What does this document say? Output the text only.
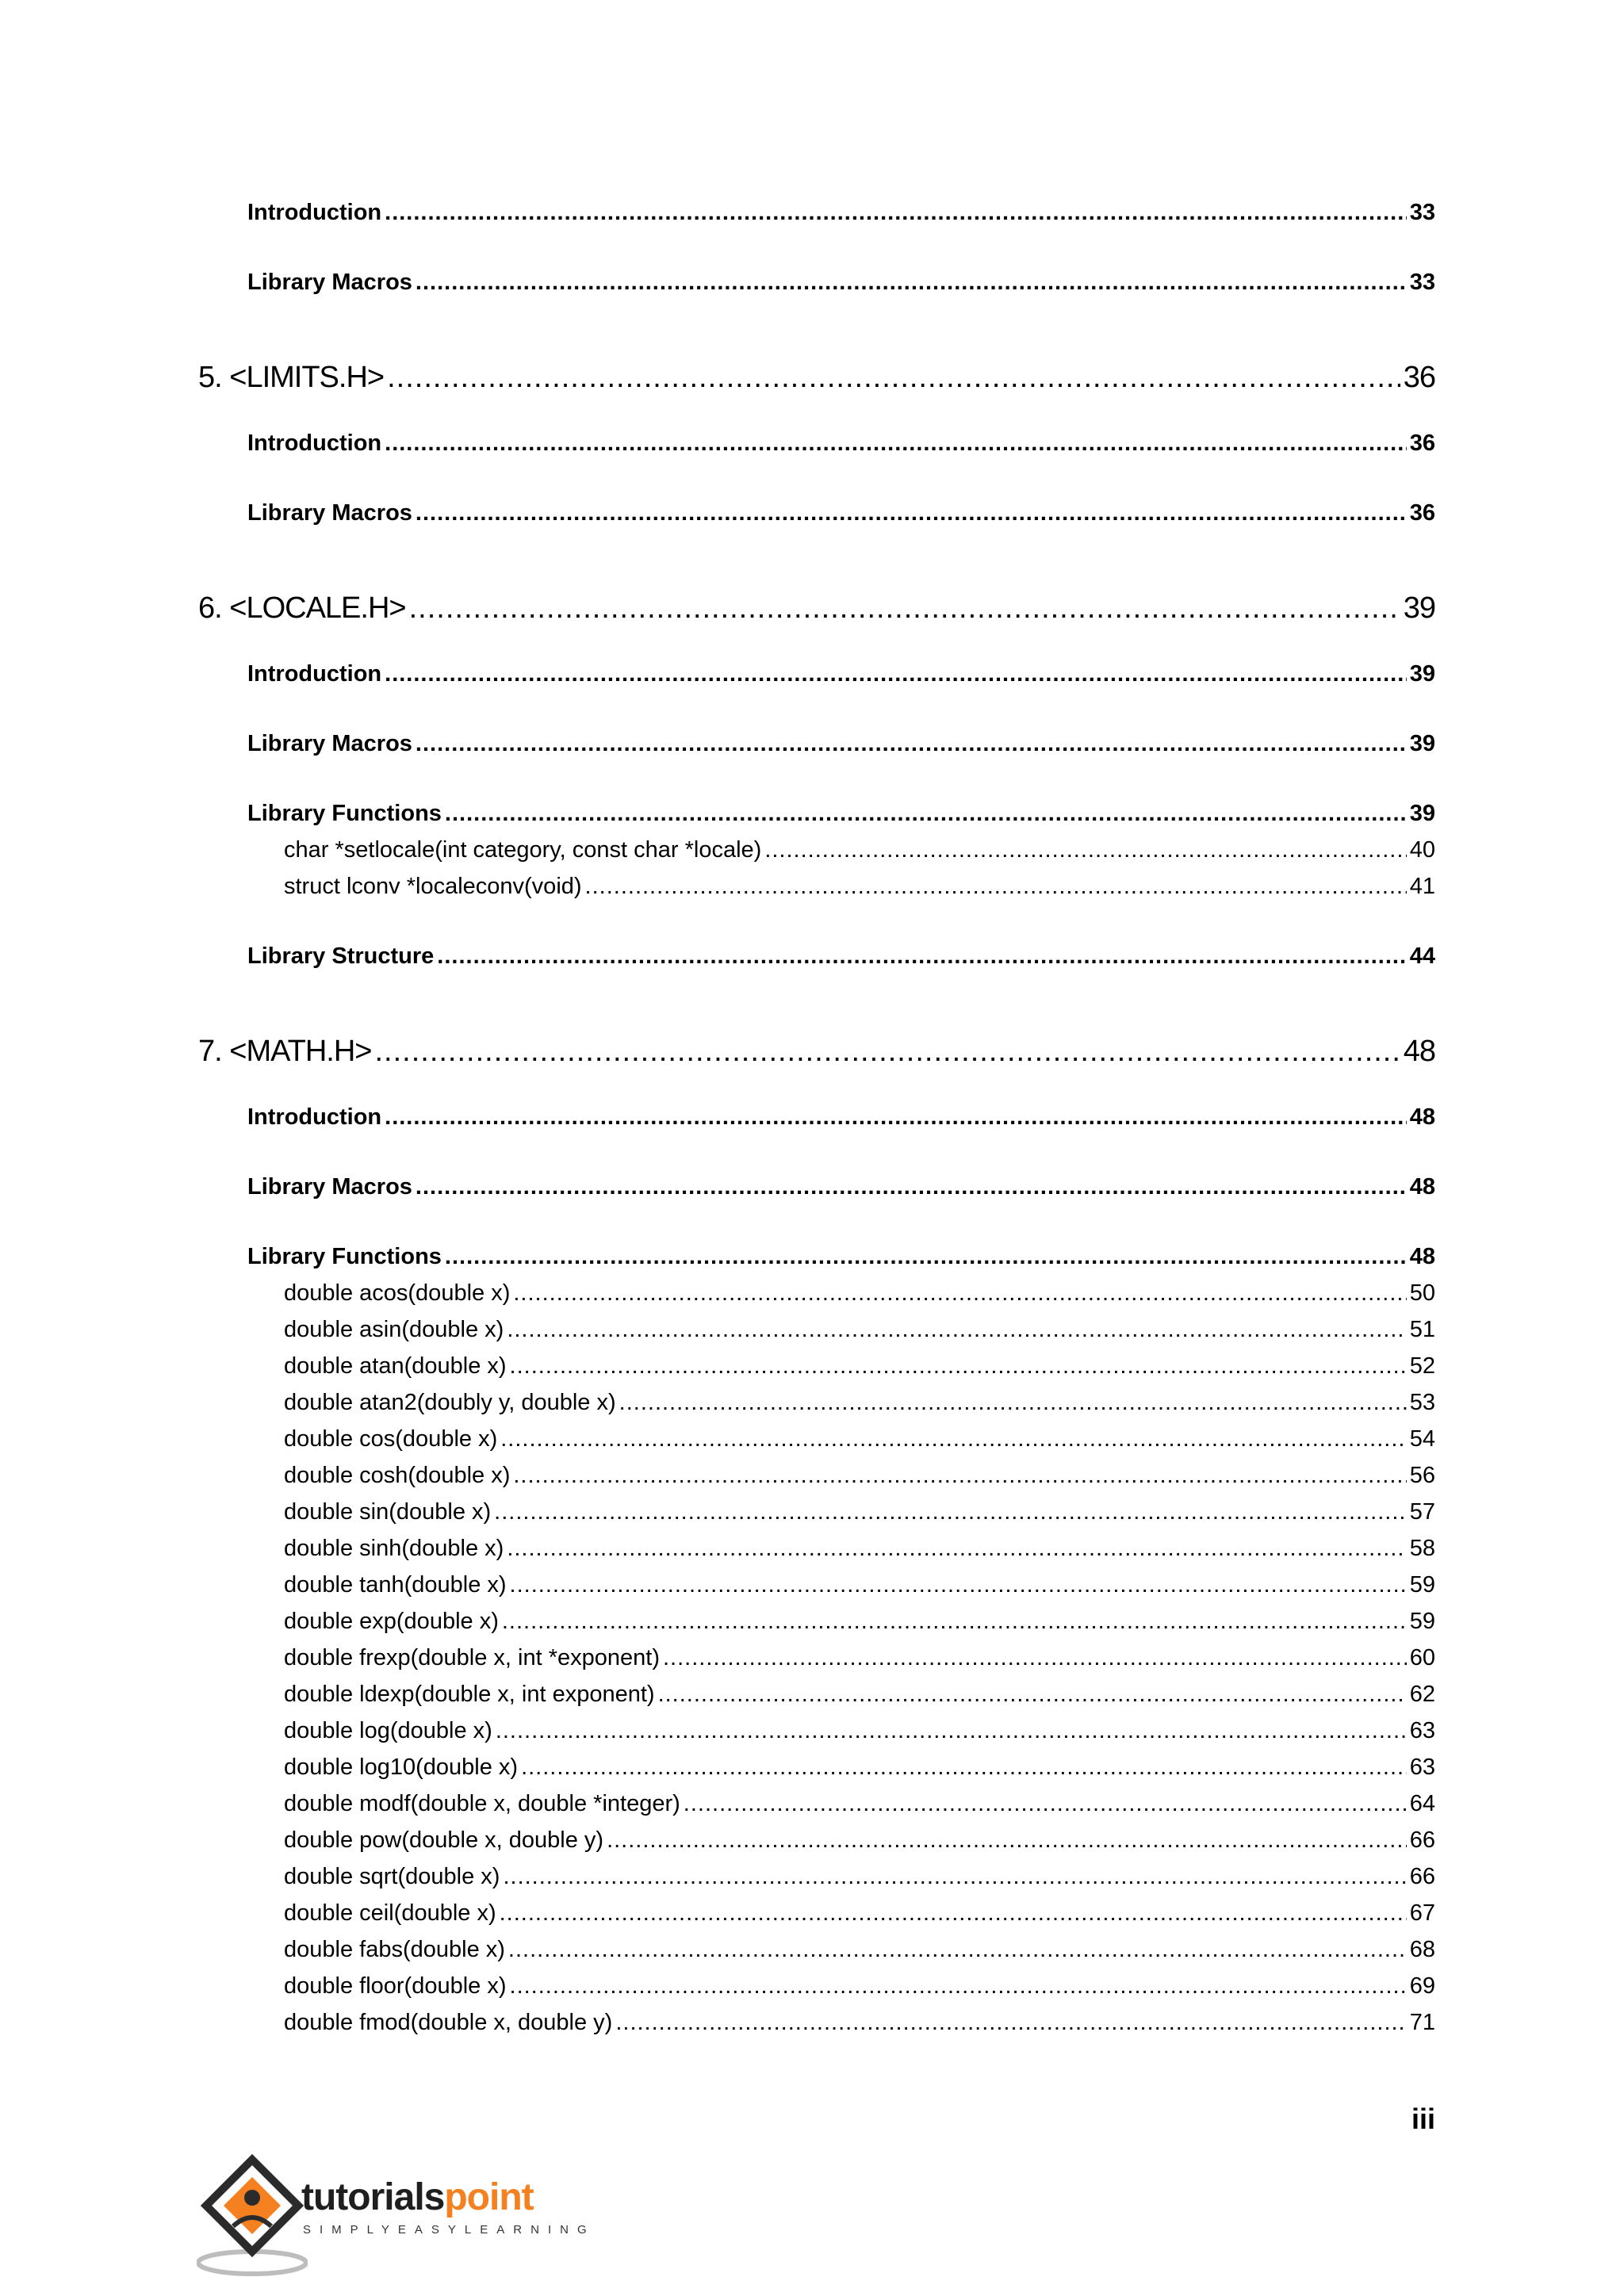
Introduction .....	33
Library Macros .....	33
5. <LIMITS.H> .....	36
Introduction .....	36
Library Macros .....	36
6. <LOCALE.H> .....	39
Introduction .....	39
Library Macros .....	39
Library Functions .....	39
char *setlocale(int category, const char *locale) .....	40
struct lconv *localeconv(void) .....	41
Library Structure .....	44
7. <MATH.H> .....	48
Introduction .....	48
Library Macros .....	48
Library Functions .....	48
double acos(double x) .....	50
double asin(double x) .....	51
double atan(double x) .....	52
double atan2(doubly y, double x) .....	53
double cos(double x) .....	54
double cosh(double x) .....	56
double sin(double x) .....	57
double sinh(double x) .....	58
double tanh(double x) .....	59
double exp(double x) .....	59
double frexp(double x, int *exponent) .....	60
double ldexp(double x, int exponent) .....	62
double log(double x) .....	63
double log10(double x) .....	63
double modf(double x, double *integer) .....	64
double pow(double x, double y) .....	66
double sqrt(double x) .....	66
double ceil(double x) .....	67
double fabs(double x) .....	68
double floor(double x) .....	69
double fmod(double x, double y) .....	71
iii
tutorialspoint
SIMPLYEASYLEARNING
